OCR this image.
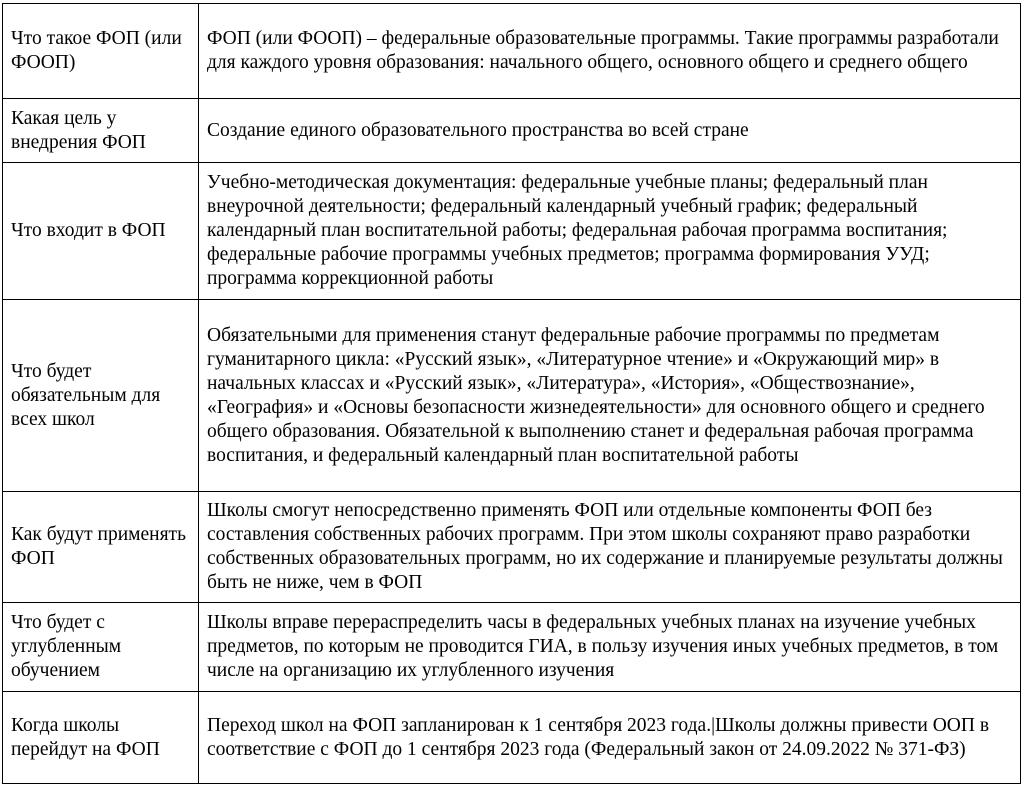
Что такое ФОП (или ФООП)	ФОП (или ФООП) – федеральные образовательные программы. Такие программы разработали для каждого уровня образования: начального общего, основного общего и среднего общего
Какая цель у внедрения ФОП	Создание единого образовательного пространства во всей стране
Что входит в ФОП	Учебно-методическая документация: федеральные учебные планы; федеральный план внеурочной деятельности; федеральный календарный учебный график; федеральный календарный план воспитательной работы; федеральная рабочая программа воспитания; федеральные рабочие программы учебных предметов; программа формирования УУД; программа коррекционной работы
Что будет обязательным для всех школ	Обязательными для применения станут федеральные рабочие программы по предметам гуманитарного цикла: «Русский язык», «Литературное чтение» и «Окружающий мир» в начальных классах и «Русский язык», «Литература», «История», «Обществознание», «География» и «Основы безопасности жизнедеятельности» для основного общего и среднего общего образования. Обязательной к выполнению станет и федеральная рабочая программа воспитания, и федеральный календарный план воспитательной работы
Как будут применять ФОП	Школы смогут непосредственно применять ФОП или отдельные компоненты ФОП без составления собственных рабочих программ. При этом школы сохраняют право разработки собственных образовательных программ, но их содержание и планируемые результаты должны быть не ниже, чем в ФОП
Что будет с углубленным обучением	Школы вправе перераспределить часы в федеральных учебных планах на изучение учебных предметов, по которым не проводится ГИА, в пользу изучения иных учебных предметов, в том числе на организацию их углубленного изучения
Когда школы перейдут на ФОП	Переход школ на ФОП запланирован к 1 сентября 2023 года.|Школы должны привести ООП в соответствие с ФОП до 1 сентября 2023 года (Федеральный закон от 24.09.2022 № 371-ФЗ)
